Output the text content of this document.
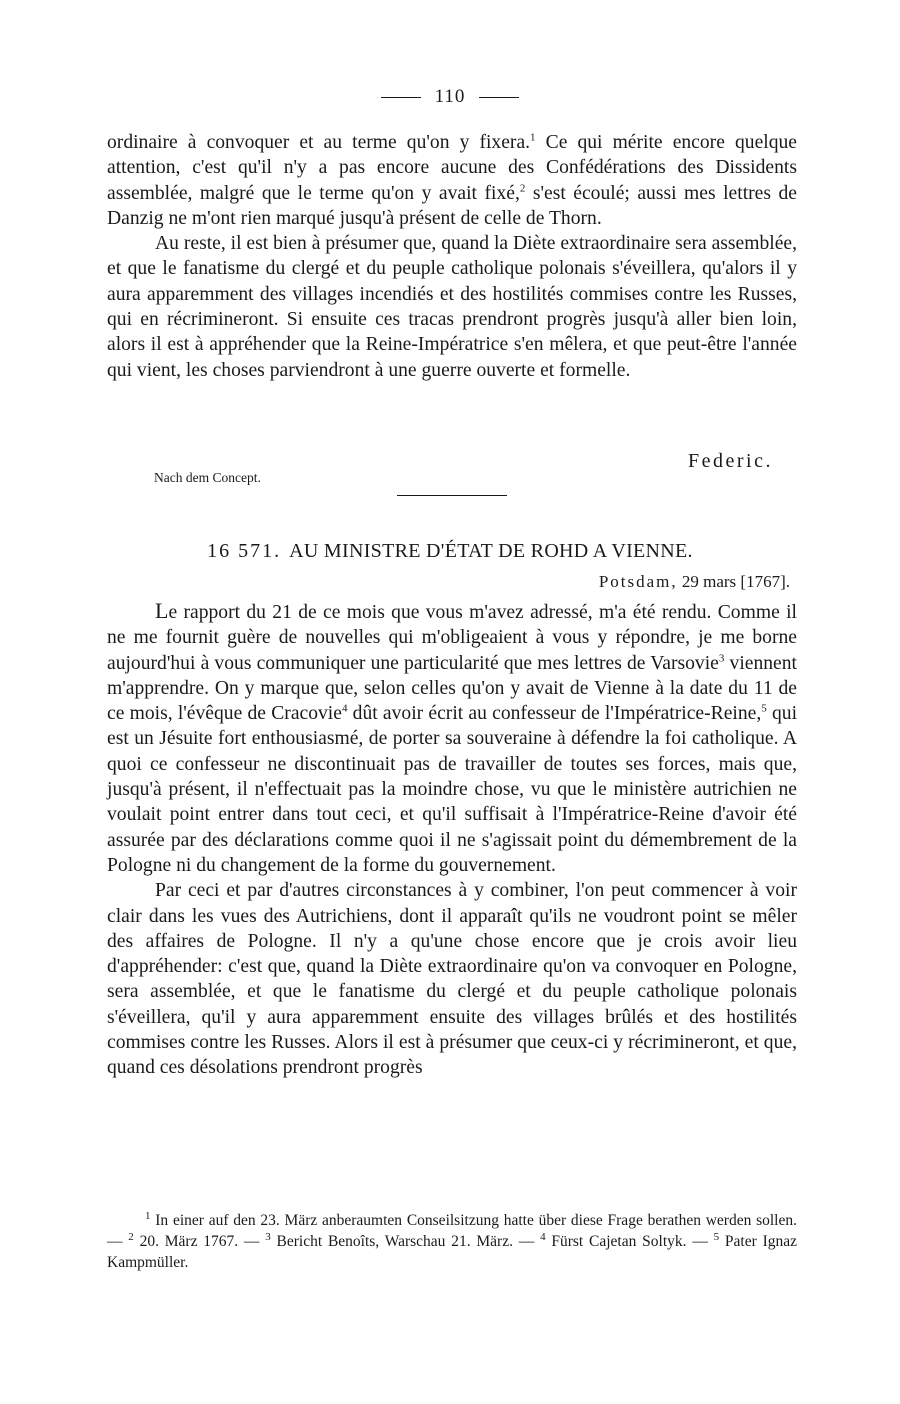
110

ordinaire à convoquer et au terme qu'on y fixera.$^1$ Ce qui mérite encore quelque attention, c'est qu'il n'y a pas encore aucune des Confédérations des Dissidents assemblée, malgré que le terme qu'on y avait fixé,$^2$ s'est écoulé; aussi mes lettres de Danzig ne m'ont rien marqué jusqu'à présent de celle de Thorn.

Au reste, il est bien à présumer que, quand la Diète extraordinaire sera assemblée, et que le fanatisme du clergé et du peuple catholique polonais s'éveillera, qu'alors il y aura apparemment des villages incendiés et des hostilités commises contre les Russes, qui en récrimineront. Si ensuite ces tracas prendront progrès jusqu'à aller bien loin, alors il est à appréhender que la Reine-Impératrice s'en mêlera, et que peut-être l'année qui vient, les choses parviendront à une guerre ouverte et formelle.

Federic.
Nach dem Concept.
16 571. AU MINISTRE D'ÉTAT DE ROHD A VIENNE.
Potsdam, 29 mars [1767].

Le rapport du 21 de ce mois que vous m'avez adressé, m'a été rendu. Comme il ne me fournit guère de nouvelles qui m'obligeaient à vous y répondre, je me borne aujourd'hui à vous communiquer une particularité que mes lettres de Varsovie$^3$ viennent m'apprendre. On y marque que, selon celles qu'on y avait de Vienne à la date du 11 de ce mois, l'évêque de Cracovie$^4$ dût avoir écrit au confesseur de l'Impératrice-Reine,$^5$ qui est un Jésuite fort enthousiasmé, de porter sa souveraine à défendre la foi catholique. A quoi ce confesseur ne discontinuait pas de travailler de toutes ses forces, mais que, jusqu'à présent, il n'effectuait pas la moindre chose, vu que le ministère autrichien ne voulait point entrer dans tout ceci, et qu'il suffisait à l'Impératrice-Reine d'avoir été assurée par des déclarations comme quoi il ne s'agissait point du démembrement de la Pologne ni du changement de la forme du gouvernement.

Par ceci et par d'autres circonstances à y combiner, l'on peut commencer à voir clair dans les vues des Autrichiens, dont il apparaît qu'ils ne voudront point se mêler des affaires de Pologne. Il n'y a qu'une chose encore que je crois avoir lieu d'appréhender: c'est que, quand la Diète extraordinaire qu'on va convoquer en Pologne, sera assemblée, et que le fanatisme du clergé et du peuple catholique polonais s'éveillera, qu'il y aura apparemment ensuite des villages brûlés et des hostilités commises contre les Russes. Alors il est à présumer que ceux-ci y récrimineront, et que, quand ces désolations prendront progrès

$^1$ In einer auf den 23. März anberaumten Conseilsitzung hatte über diese Frage berathen werden sollen. — $^2$ 20. März 1767. — $^3$ Bericht Benoîts, Warschau 21. März. — $^4$ Fürst Cajetan Soltyk. — $^5$ Pater Ignaz Kampmüller.
